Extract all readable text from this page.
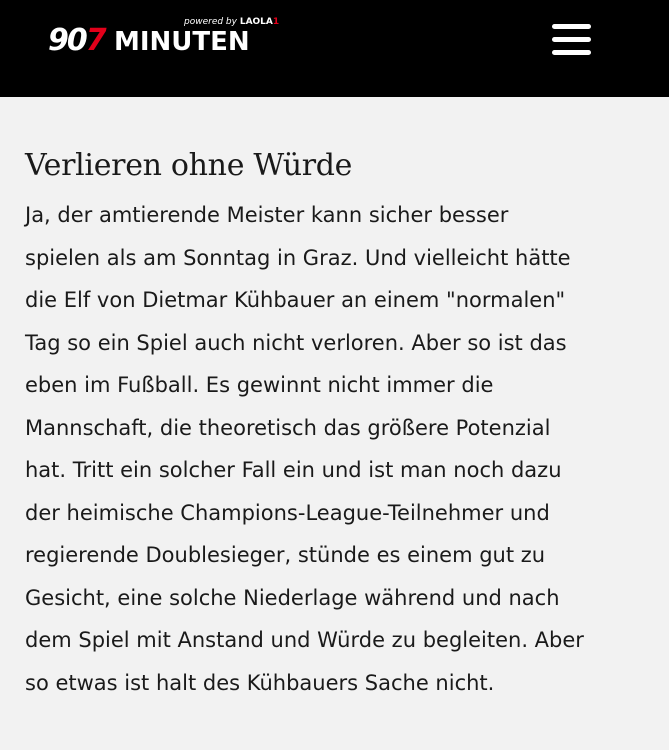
powered by LAOLA1
907 MINUTEN
Verlieren ohne Würde

Ja, der amtierende Meister kann sicher besser
spielen als am Sonntag in Graz. Und vielleicht hätte
die Elf von Dietmar Kühbauer an einem "normalen"
Tag so ein Spiel auch nicht verloren. Aber so ist das
eben im Fußball. Es gewinnt nicht immer die
Mannschaft, die theoretisch das größere Potenzial
hat. Tritt ein solcher Fall ein und ist man noch dazu
der heimische Champions-League-Teilnehmer und
regierende Doublesieger, stünde es einem gut zu
Gesicht, eine solche Niederlage während und nach
dem Spiel mit Anstand und Würde zu begleiten. Aber
so etwas ist halt des Kühbauers Sache nicht.
